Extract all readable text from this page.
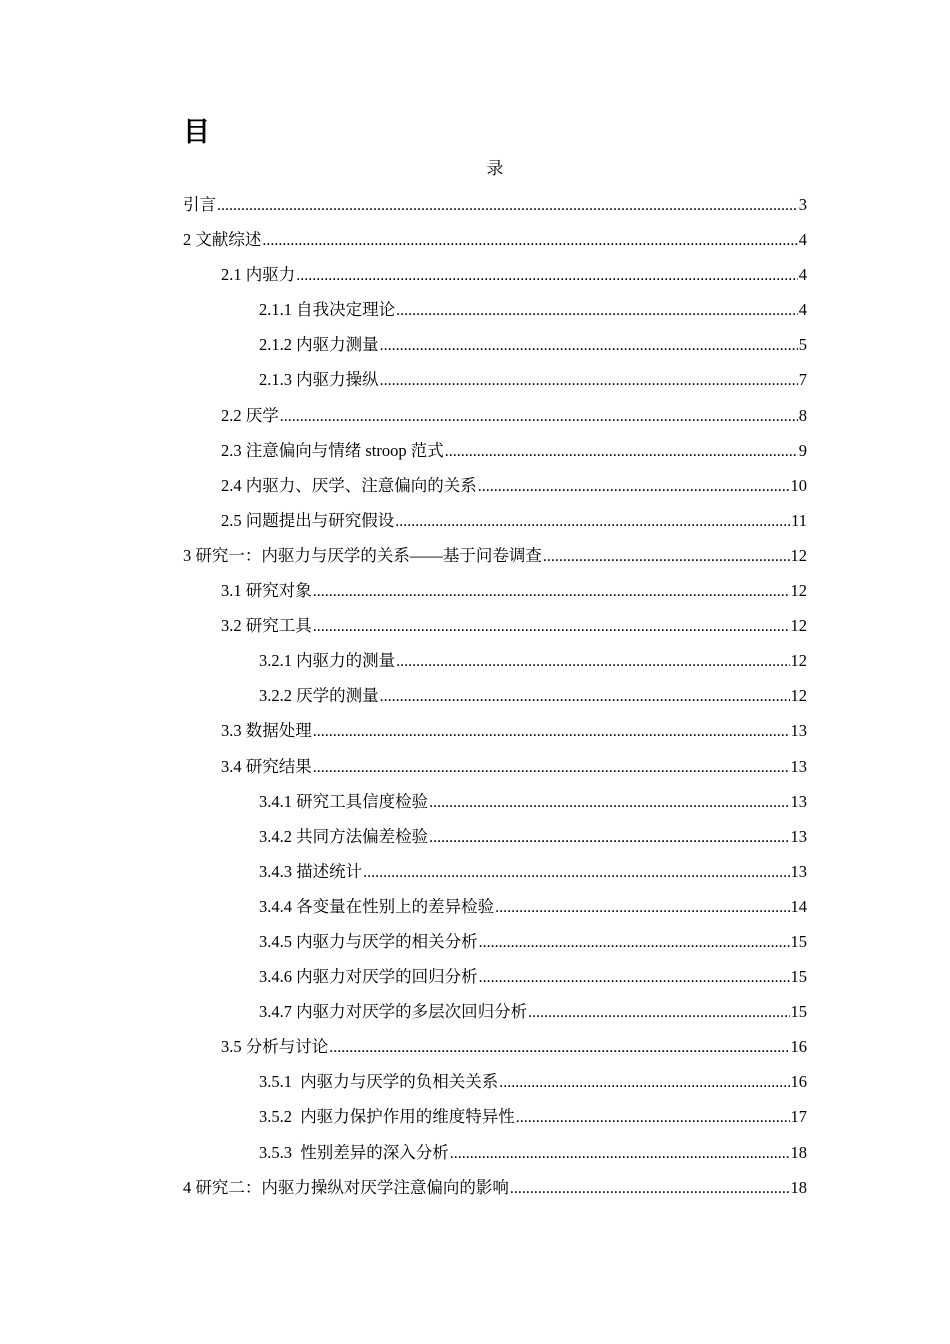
目
录
引言 .....	3
2 文献综述 .....	4
2.1 内驱力 .....	4
2.1.1 自我决定理论 .....	4
2.1.2 内驱力测量 .....	5
2.1.3 内驱力操纵 .....	7
2.2 厌学 .....	8
2.3 注意偏向与情绪 stroop 范式 .....	9
2.4 内驱力、厌学、注意偏向的关系 .....	10
2.5 问题提出与研究假设 .....	11
3 研究一：内驱力与厌学的关系——基于问卷调查 .....	12
3.1 研究对象 .....	12
3.2 研究工具 .....	12
3.2.1 内驱力的测量 .....	12
3.2.2 厌学的测量 .....	12
3.3 数据处理 .....	13
3.4 研究结果 .....	13
3.4.1 研究工具信度检验 .....	13
3.4.2 共同方法偏差检验 .....	13
3.4.3 描述统计 .....	13
3.4.4 各变量在性别上的差异检验 .....	14
3.4.5 内驱力与厌学的相关分析 .....	15
3.4.6 内驱力对厌学的回归分析 .....	15
3.4.7 内驱力对厌学的多层次回归分析 .....	15
3.5 分析与讨论 .....	16
3.5.1  内驱力与厌学的负相关关系 .....	16
3.5.2  内驱力保护作用的维度特异性 .....	17
3.5.3  性别差异的深入分析 .....	18
4 研究二：内驱力操纵对厌学注意偏向的影响 .....	18
